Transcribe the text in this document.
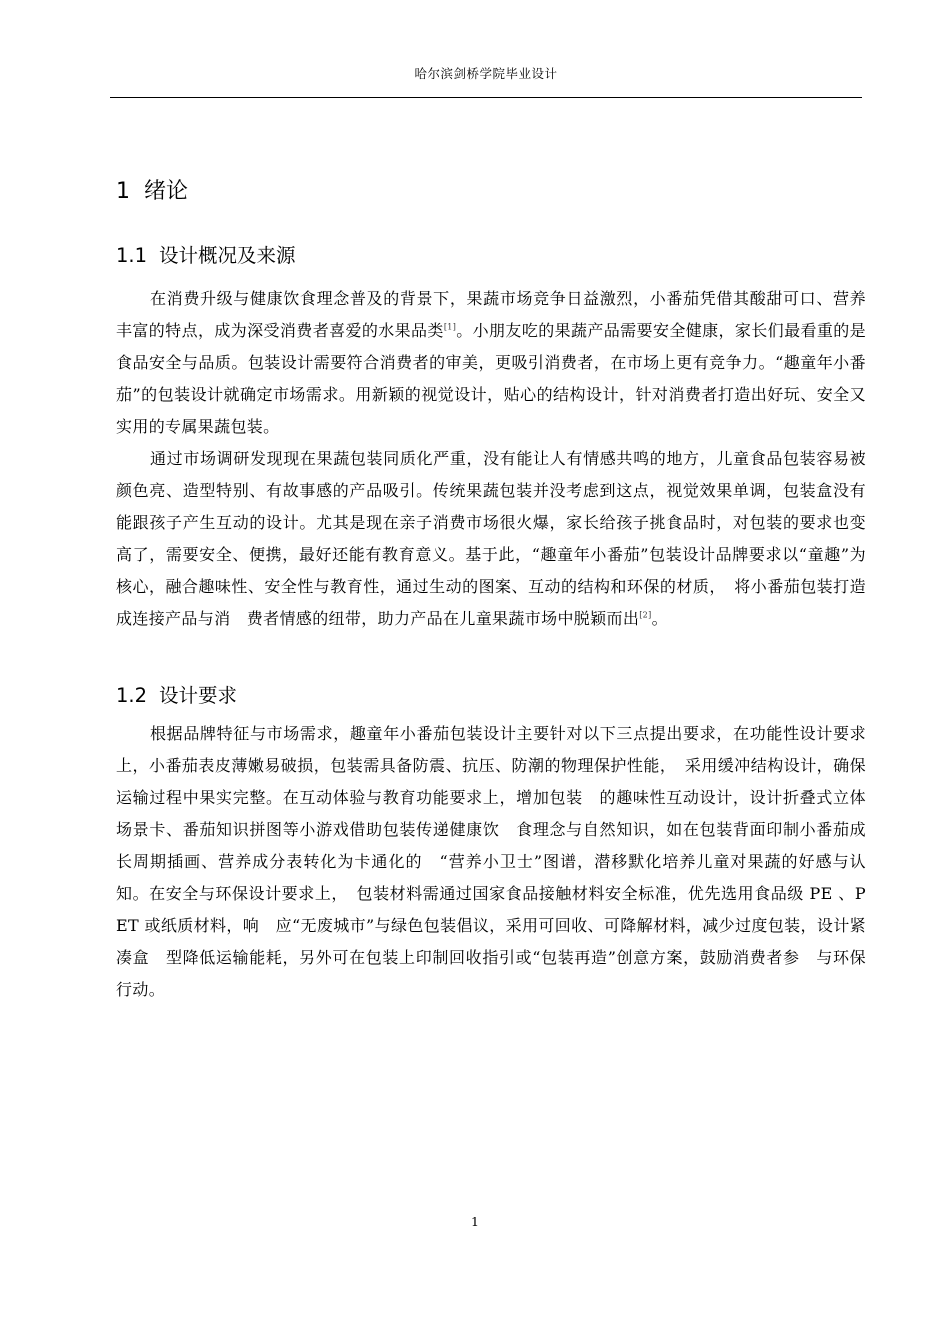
哈尔滨剑桥学院毕业设计
1 绪论
1.1 设计概况及来源

在消费升级与健康饮食理念普及的背景下，果蔬市场竞争日益激烈，小番茄凭借其酸甜可口、营养丰富的特点，成为深受消费者喜爱的水果品类[1]。小朋友吃的果蔬产品需要安全健康，家长们最看重的是食品安全与品质。包装设计需要符合消费者的审美，更吸引消费者，在市场上更有竞争力。“趣童年小番茄”的包装设计就确定市场需求。用新颖的视觉设计，贴心的结构设计，针对消费者打造出好玩、安全又实用的专属果蔬包装。

通过市场调研发现现在果蔬包装同质化严重，没有能让人有情感共鸣的地方，儿童食品包装容易被颜色亮、造型特别、有故事感的产品吸引。传统果蔬包装并没考虑到这点，视觉效果单调，包装盒没有能跟孩子产生互动的设计。尤其是现在亲子消费市场很火爆，家长给孩子挑食品时，对包装的要求也变高了，需要安全、便携，最好还能有教育意义。基于此，“趣童年小番茄”包装设计品牌要求以“童趣”为核心，融合趣味性、安全性与教育性，通过生动的图案、互动的结构和环保的材质，　将小番茄包装打造成连接产品与消　费者情感的纽带，助力产品在儿童果蔬市场中脱颖而出[2]。

1.2 设计要求

根据品牌特征与市场需求，趣童年小番茄包装设计主要针对以下三点提出要求，在功能性设计要求上，小番茄表皮薄嫩易破损，包装需具备防震、抗压、防潮的物理保护性能，　采用缓冲结构设计，确保运输过程中果实完整。在互动体验与教育功能要求上，增加包装　的趣味性互动设计，设计折叠式立体场景卡、番茄知识拼图等小游戏借助包装传递健康饮　食理念与自然知识，如在包装背面印制小番茄成长周期插画、营养成分表转化为卡通化的　“营养小卫士”图谱，潜移默化培养儿童对果蔬的好感与认知。在安全与环保设计要求上，　包装材料需通过国家食品接触材料安全标准，优先选用食品级 PE 、PET 或纸质材料，响　应“无废城市”与绿色包装倡议，采用可回收、可降解材料，减少过度包装，设计紧凑盒　型降低运输能耗，另外可在包装上印制回收指引或“包装再造”创意方案，鼓励消费者参　与环保行动。

1
